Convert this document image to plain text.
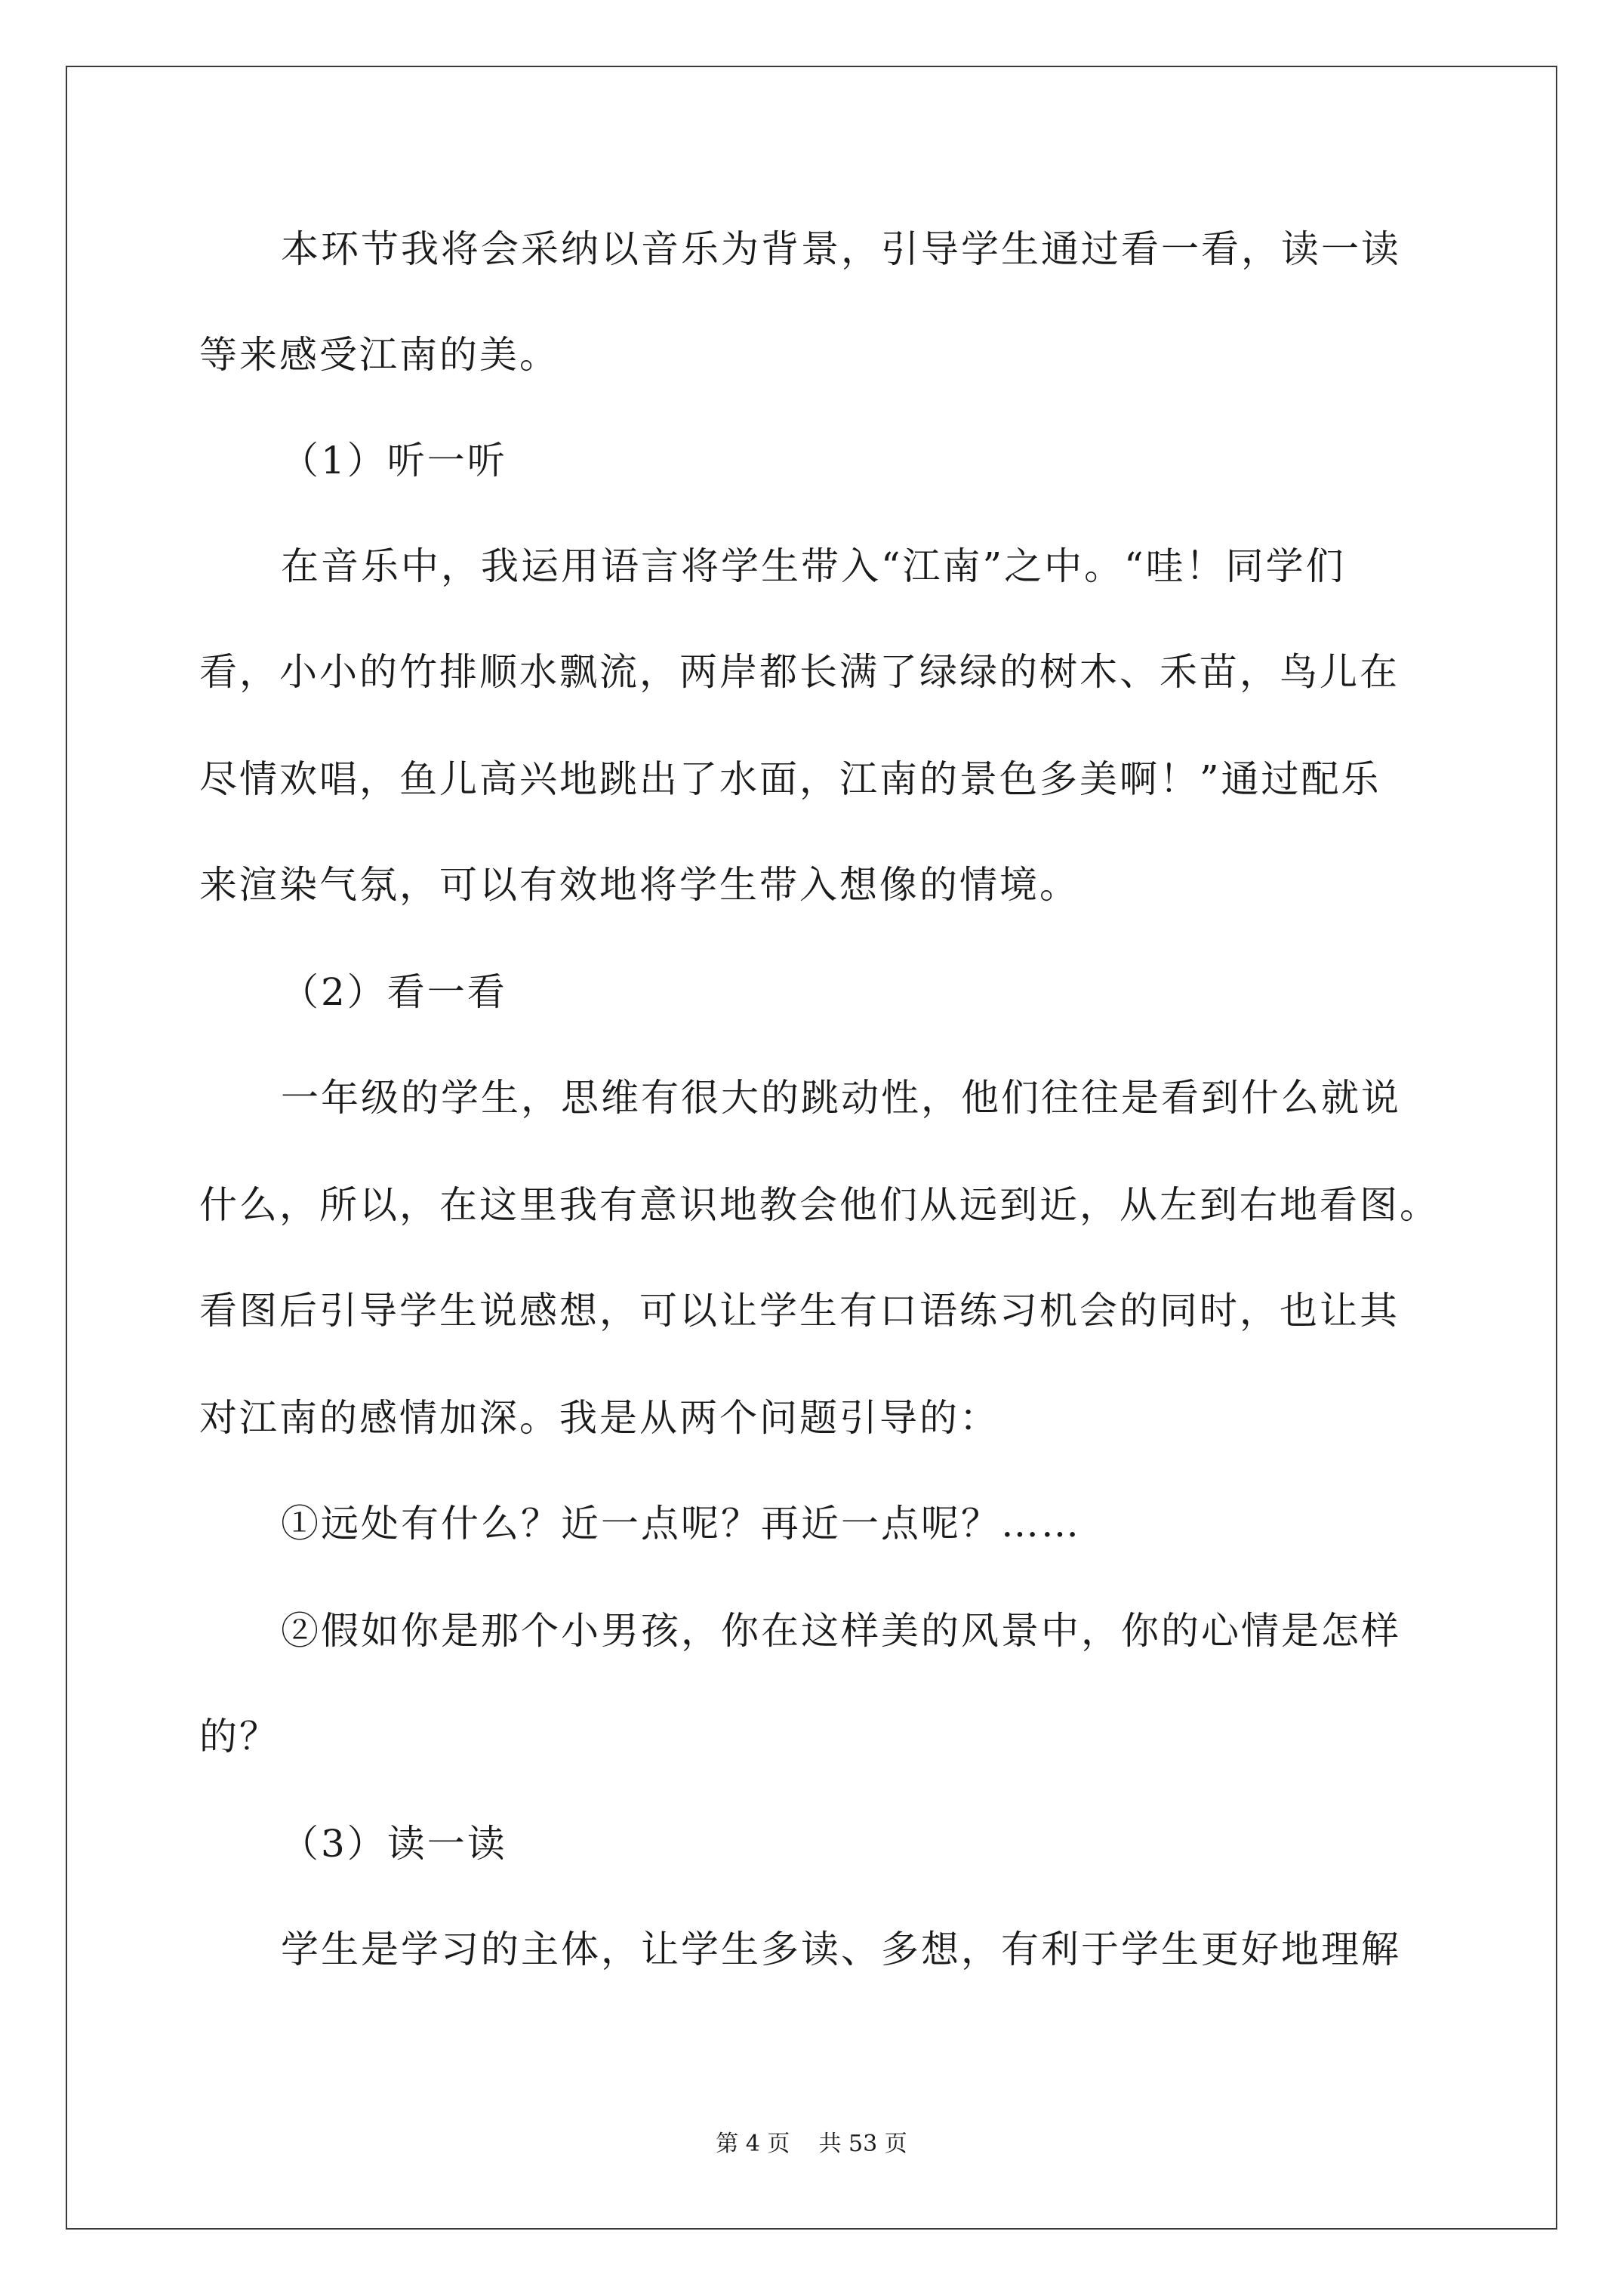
本环节我将会采纳以音乐为背景，引导学生通过看一看，读一读
等来感受江南的美。
（1）听一听
在音乐中，我运用语言将学生带入“江南”之中。“哇！同学们
看，小小的竹排顺水飘流，两岸都长满了绿绿的树木、禾苗，鸟儿在
尽情欢唱，鱼儿高兴地跳出了水面，江南的景色多美啊！”通过配乐
来渲染气氛，可以有效地将学生带入想像的情境。
（2）看一看
一年级的学生，思维有很大的跳动性，他们往往是看到什么就说
什么，所以，在这里我有意识地教会他们从远到近，从左到右地看图。
看图后引导学生说感想，可以让学生有口语练习机会的同时，也让其
对江南的感情加深。我是从两个问题引导的：
①远处有什么？近一点呢？再近一点呢？……
②假如你是那个小男孩，你在这样美的风景中，你的心情是怎样
的？
（3）读一读
学生是学习的主体，让学生多读、多想，有利于学生更好地理解
第 4 页    共 53 页
